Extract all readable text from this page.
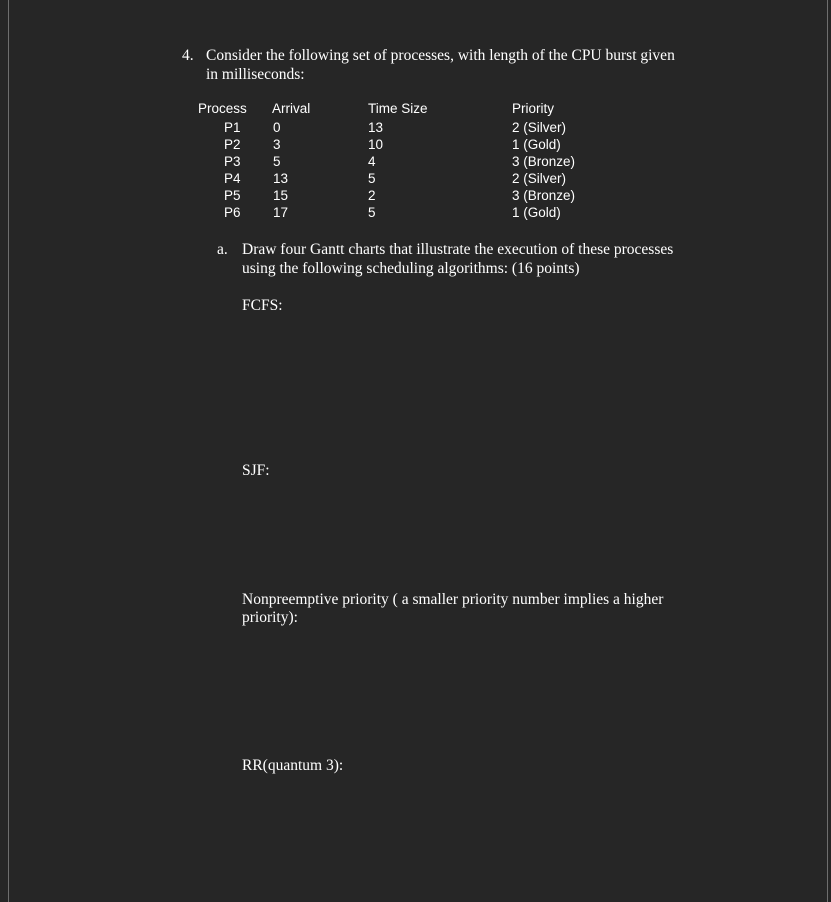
4. Consider the following set of processes, with length of the CPU burst given
in milliseconds:
Process Arrival	Time Size	Priority
P1 0	13	2 (Silver)
P2 3	10	1 (Gold)
P3 5	4	3 (Bronze)
P4 13	5	2 (Silver)
P5 15	2	3 (Bronze)
P6 17	5	1 (Gold)
a. Draw four Gantt charts that illustrate the execution of these processes
using the following scheduling algorithms: (16 points)
FCFS:
SJF:
Nonpreemptive priority ( a smaller priority number implies a higher
priority):
RR(quantum 3):
